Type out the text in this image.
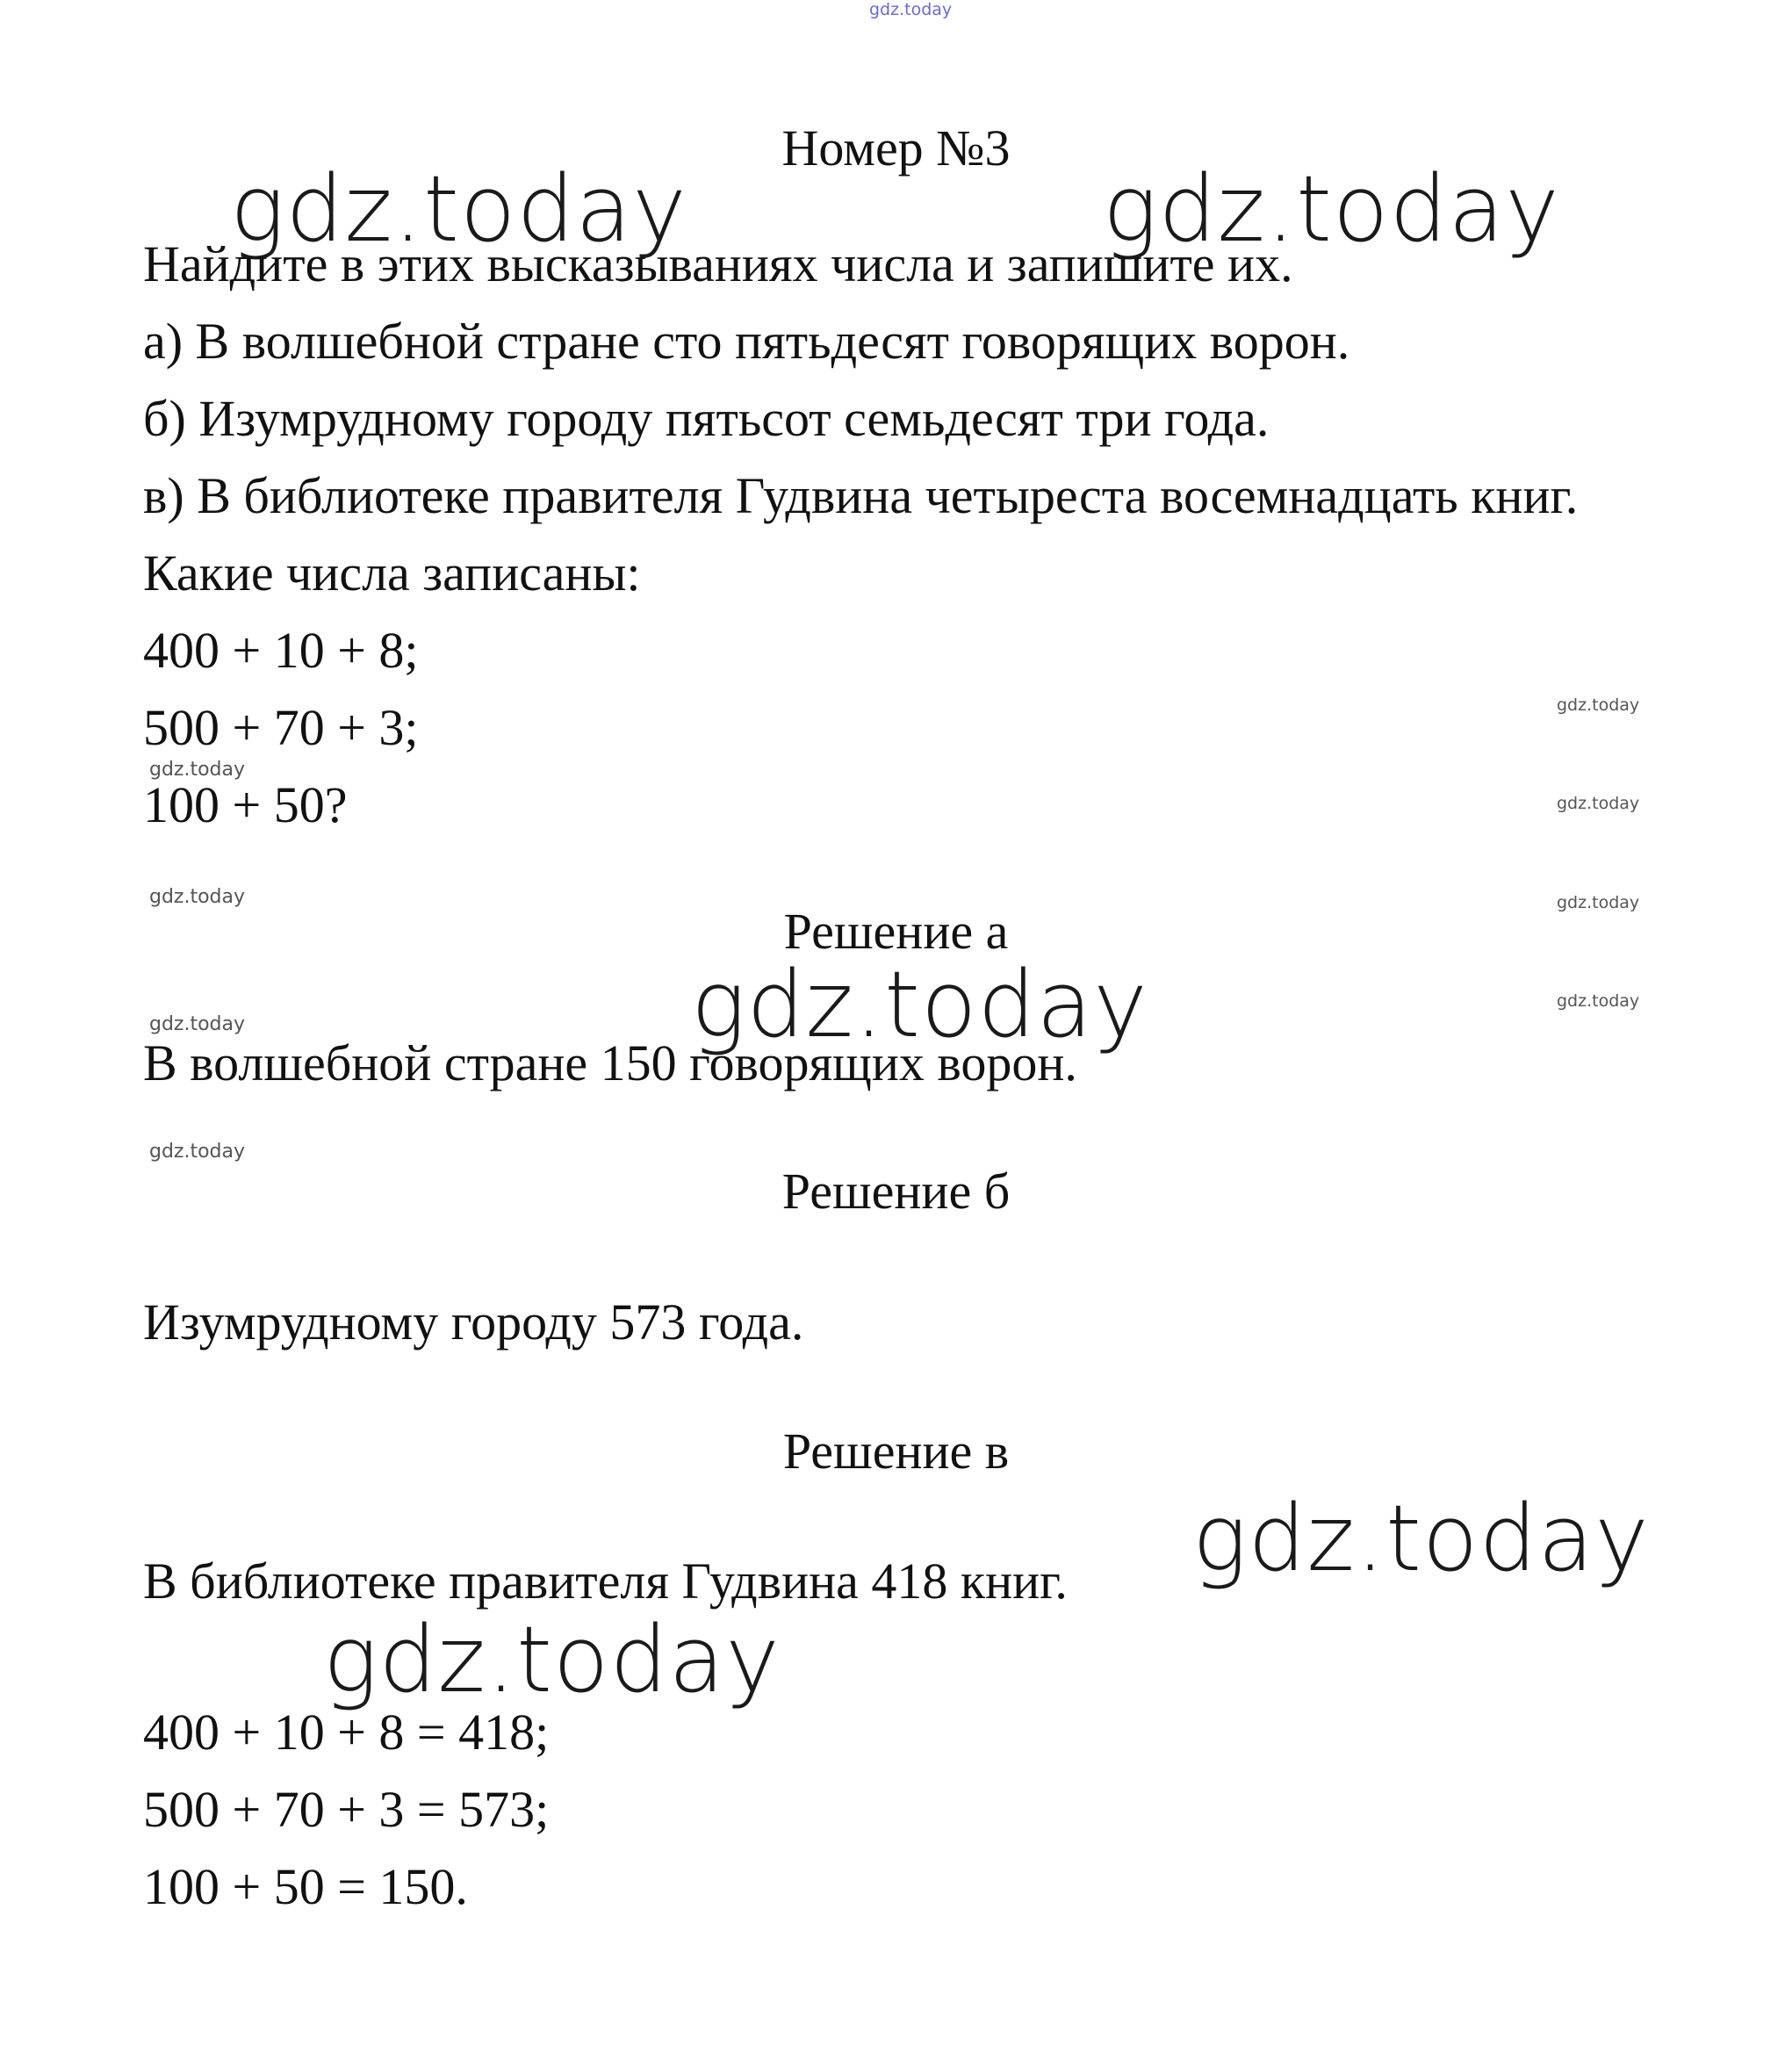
gdz.today
Номер №3
gdz.today	gdz.today
Найдите в этих высказываниях числа и запишите их.
а) В волшебной стране сто пятьдесят говорящих ворон.
б) Изумрудному городу пятьсот семьдесят три года.
в) В библиотеке правителя Гудвина четыреста восемнадцать книг.
Какие числа записаны:
400 + 10 + 8;
500 + 70 + 3;
100 + 50?
gdz.today
gdz.today
gdz.today
gdz.today
gdz.today
gdz.today
gdz.today
gdz.today
Решение а
gdz.today
В волшебной стране 150 говорящих ворон.
Решение б
Изумрудному городу 573 года.
Решение в
gdz.today
В библиотеке правителя Гудвина 418 книг.
gdz.today
400 + 10 + 8 = 418;
500 + 70 + 3 = 573;
100 + 50 = 150.
